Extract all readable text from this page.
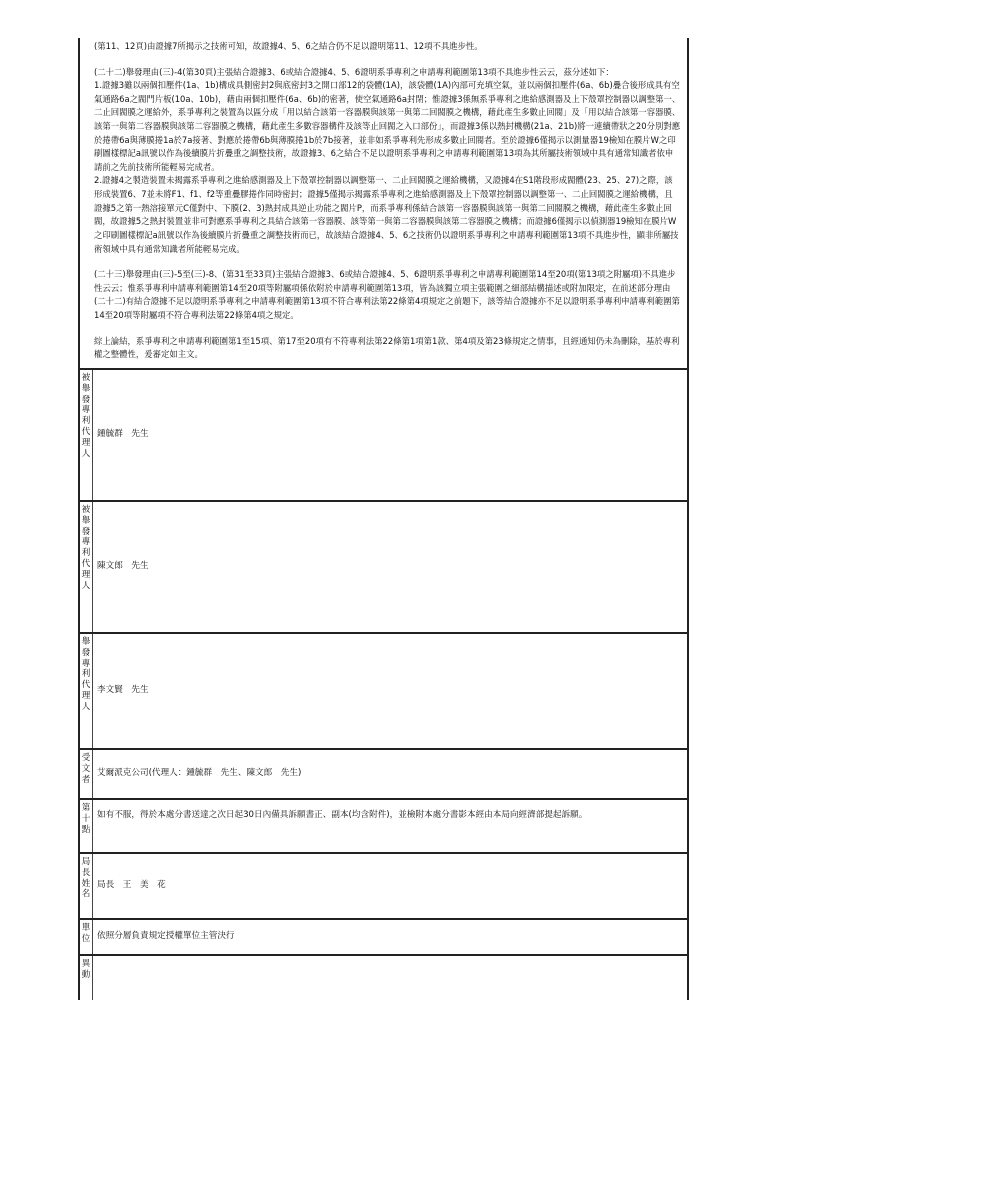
(第11、12頁)由證據7所揭示之技術可知，故證據4、5、6之結合仍不足以證明第11、12項不具進步性。

(二十二)舉發理由(三)-4(第30頁)主張結合證據3、6或結合證據4、5、6證明系爭專利之申請專利範圍第13項不具進步性云云，茲分述如下：

1.證據3雖以兩個扣壓件(1a、1b)構成具側密封2與底密封3之開口部12的袋體(1A)，該袋體(1A)內部可充填空氣，並以兩個扣壓件(6a、6b)疊合後形成具有空氣通路6a之閥門片板(10a、10b)，藉由兩個扣壓件(6a、6b)的密著，使空氣通路6a封閉；惟證據3係無系爭專利之進給感測器及上下殼罩控制器以調整第一、二止回閥膜之運給外，系爭專利之裝置為以區分成「用以結合該第一容器膜與該第一與第二回閥膜之機構，藉此產生多數止回閥」及「用以結合該第一容器膜、該第一與第二容器膜與該第二容器膜之機構，藉此產生多數容器構件及該等止回閥之入口部份」，而證據3係以熱封機構(21a、21b)將一連續帶狀之20分別對應於捲帶6a與薄膜捲1a於7a接著、對應於捲帶6b與薄膜捲1b於7b接著，並非如系爭專利先形成多數止回閥者。至於證據6僅揭示以測量器19檢知在膜片W之印刷圖樣標記a訊號以作為後續膜片折疊重之調整技術，故證據3、6之結合不足以證明系爭專利之申請專利範圍第13項為其所屬技術領域中具有通常知識者依申請前之先前技術所能輕易完成者。

2.證據4之製造裝置未揭露系爭專利之進給感測器及上下殼罩控制器以調整第一、二止回閥膜之運給機構，又證據4在S1階段形成閥體(23、25、27)之際，該形成裝置6、7並未將F1、f1、f2等重疊膠捲作同時密封；證據5僅揭示揭露系爭專利之進給感測器及上下殼罩控制器以調整第一、二止回閥膜之運給機構，且證據5之第一熱溶接單元C僅對中、下膜(2、3)熱封成具逆止功能之閥片P，而系爭專利係結合該第一容器膜與該第一與第二回閥膜之機構，藉此產生多數止回閥，故證據5之熱封裝置並非可對應系爭專利之具結合該第一容器膜、該等第一與第二容器膜與該第二容器膜之機構；而證據6僅揭示以偵測器19檢知在膜片W之印刷圖樣標記a訊號以作為後續膜片折疊重之調整技術而已，故該結合證據4、5、6之技術仍以證明系爭專利之申請專利範圍第13項不具進步性，顯非所屬技術領域中具有通常知識者所能輕易完成。

(二十三)舉發理由(三)-5至(三)-8、(第31至33頁)主張結合證據3、6或結合證據4、5、6證明系爭專利之申請專利範圍第14至20項(第13項之附屬項)不具進步性云云；惟系爭專利申請專利範圍第14至20項等附屬項係依附於申請專利範圍第13項，皆為該獨立項主張範圍之細部結構描述或附加限定，在前述部分理由(二十二)有結合證據不足以證明系爭專利之申請專利範圍第13項不符合專利法第22條第4項規定之前題下，該等結合證據亦不足以證明系爭專利申請專利範圍第14至20項等附屬項不符合專利法第22條第4項之規定。

綜上論結，系爭專利之申請專利範圍第1至15項、第17至20項有不符專利法第22條第1項第1款、第4項及第23條規定之情事，且經通知仍未為刪除，基於專利權之整體性，爰審定如主文。

被
舉
發
專
利
代
理
人
鍾毓群　先生
被
舉
發
專
利
代
理
人
陳文郎　先生
舉
發
專
利
代
理
人
李文賢　先生
受
文
者
艾爾派克公司(代理人：鍾毓群　先生、陳文郎　先生)
第
十
點
如有不服，得於本處分書送達之次日起30日內備具訴願書正、副本(均含附件)，並檢附本處分書影本經由本局向經濟部提起訴願。
局
長
姓
名
局長　王　美　花
單
位 依照分層負責規定授權單位主管決行
異
動
